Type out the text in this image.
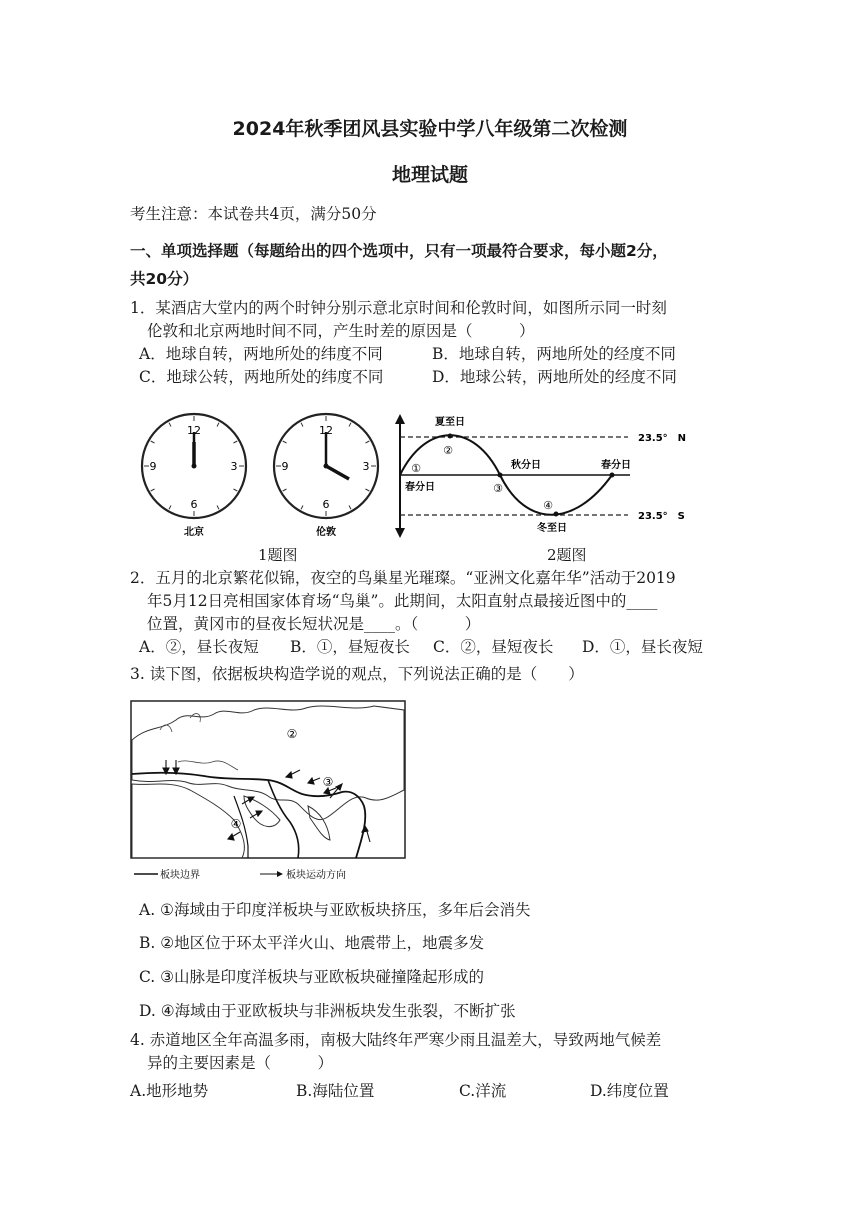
2024年秋季团风县实验中学八年级第二次检测
地理试题
考生注意：本试卷共4页，满分50分
一、单项选择题（每题给出的四个选项中，只有一项最符合要求，每小题2分，
共20分）
1．某酒店大堂内的两个时钟分别示意北京时间和伦敦时间，如图所示同一时刻
伦敦和北京两地时间不同，产生时差的原因是（　　　）
A．地球自转，两地所处的纬度不同	B．地球自转，两地所处的经度不同
C．地球公转，两地所处的纬度不同	D．地球公转，两地所处的经度不同
12
3
6
9
北京
12
3
6
9
伦敦
夏至日
①
②
③
④
春分日
秋分日	春分日
冬至日
23.5°　N
23.5°　S
1题图	2题图
2．五月的北京繁花似锦，夜空的鸟巢星光璀璨。“亚洲文化嘉年华”活动于2019
年5月12日亮相国家体育场“鸟巢”。此期间，太阳直射点最接近图中的____
位置，黄冈市的昼夜长短状况是____。（　　　）
A．②，昼长夜短 B．①，昼短夜长 C．②，昼短夜长 D．①，昼长夜短
3. 读下图，依据板块构造学说的观点，下列说法正确的是（　　）
②
③
④
板块边界	板块运动方向
A. ①海域由于印度洋板块与亚欧板块挤压，多年后会消失
B. ②地区位于环太平洋火山、地震带上，地震多发
C. ③山脉是印度洋板块与亚欧板块碰撞隆起形成的
D. ④海域由于亚欧板块与非洲板块发生张裂，不断扩张
4. 赤道地区全年高温多雨，南极大陆终年严寒少雨且温差大，导致两地气候差
异的主要因素是（　　　）
A.地形地势	B.海陆位置	C.洋流	D.纬度位置
